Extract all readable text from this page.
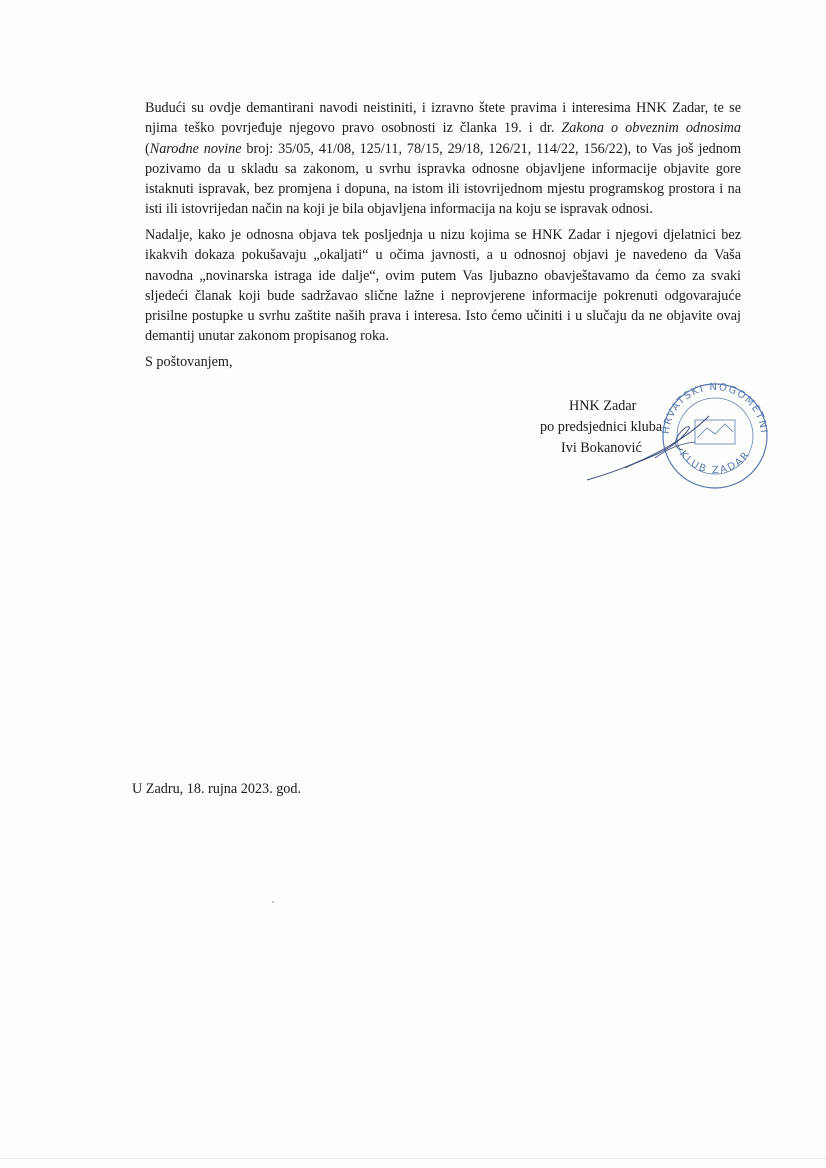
Budući su ovdje demantirani navodi neistiniti, i izravno štete pravima i interesima HNK Zadar, te se
njima teško povrjeđuje njegovo pravo osobnosti iz članka 19. i dr. Zakona o obveznim odnosima
(Narodne novine broj: 35/05, 41/08, 125/11, 78/15, 29/18, 126/21, 114/22, 156/22), to Vas još jednom
pozivamo da u skladu sa zakonom, u svrhu ispravka odnosne objavljene informacije objavite gore
istaknuti ispravak, bez promjena i dopuna, na istom ili istovrijednom mjestu programskog prostora i na
isti ili istovrijedan način na koji je bila objavljena informacija na koju se ispravak odnosi.
Nadalje, kako je odnosna objava tek posljednja u nizu kojima se HNK Zadar i njegovi djelatnici bez
ikakvih dokaza pokušavaju „okaljati“ u očima javnosti, a u odnosnoj objavi je navedeno da Vaša
navodna „novinarska istraga ide dalje“, ovim putem Vas ljubazno obavještavamo da ćemo za svaki
sljedeći članak koji bude sadržavao slične lažne i neprovjerene informacije pokrenuti odgovarajuće
prisilne postupke u svrhu zaštite naših prava i interesa. Isto ćemo učiniti i u slučaju da ne objavite ovaj
demantij unutar zakonom propisanog roka.
S poštovanjem,
HRVATSKI NOGOMETNI
KLUB ZADAR
HNK Zadar
po predsjednici kluba
Ivi Bokanović
U Zadru, 18. rujna 2023. god.
